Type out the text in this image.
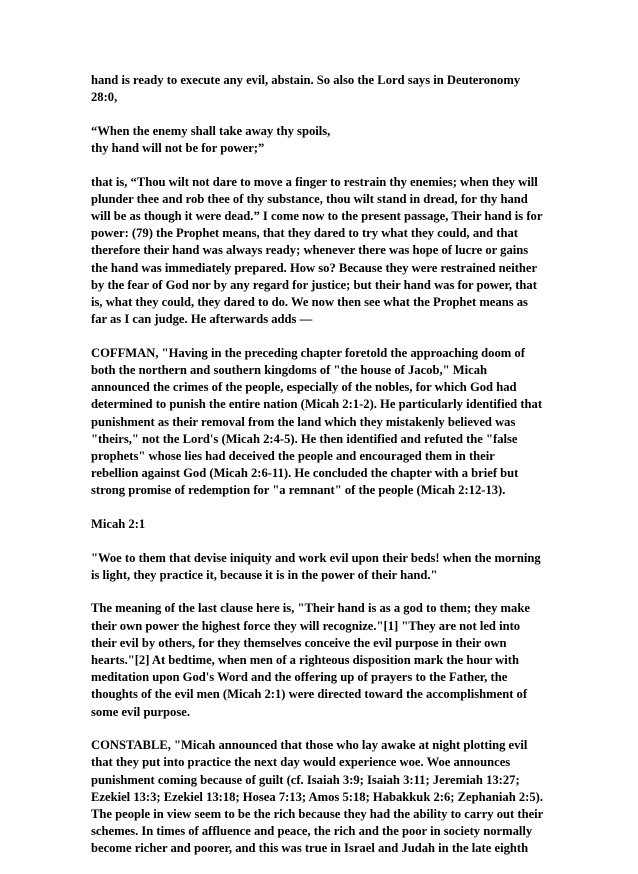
hand is ready to execute any evil, abstain. So also the Lord says in Deuteronomy
28:0,

“When the enemy shall take away thy spoils,
thy hand will not be for power;”

that is, “Thou wilt not dare to move a finger to restrain thy enemies; when they will
plunder thee and rob thee of thy substance, thou wilt stand in dread, for thy hand
will be as though it were dead.” I come now to the present passage, Their hand is for
power: (79) the Prophet means, that they dared to try what they could, and that
therefore their hand was always ready; whenever there was hope of lucre or gains
the hand was immediately prepared. How so? Because they were restrained neither
by the fear of God nor by any regard for justice; but their hand was for power, that
is, what they could, they dared to do. We now then see what the Prophet means as
far as I can judge. He afterwards adds —

COFFMAN, "Having in the preceding chapter foretold the approaching doom of
both the northern and southern kingdoms of "the house of Jacob," Micah
announced the crimes of the people, especially of the nobles, for which God had
determined to punish the entire nation (Micah 2:1-2). He particularly identified that
punishment as their removal from the land which they mistakenly believed was
"theirs," not the Lord's (Micah 2:4-5). He then identified and refuted the "false
prophets" whose lies had deceived the people and encouraged them in their
rebellion against God (Micah 2:6-11). He concluded the chapter with a brief but
strong promise of redemption for "a remnant" of the people (Micah 2:12-13).

Micah 2:1

"Woe to them that devise iniquity and work evil upon their beds! when the morning
is light, they practice it, because it is in the power of their hand."

The meaning of the last clause here is, "Their hand is as a god to them; they make
their own power the highest force they will recognize."[1] "They are not led into
their evil by others, for they themselves conceive the evil purpose in their own
hearts."[2] At bedtime, when men of a righteous disposition mark the hour with
meditation upon God's Word and the offering up of prayers to the Father, the
thoughts of the evil men (Micah 2:1) were directed toward the accomplishment of
some evil purpose.

CONSTABLE, "Micah announced that those who lay awake at night plotting evil
that they put into practice the next day would experience woe. Woe announces
punishment coming because of guilt (cf. Isaiah 3:9; Isaiah 3:11; Jeremiah 13:27;
Ezekiel 13:3; Ezekiel 13:18; Hosea 7:13; Amos 5:18; Habakkuk 2:6; Zephaniah 2:5).
The people in view seem to be the rich because they had the ability to carry out their
schemes. In times of affluence and peace, the rich and the poor in society normally
become richer and poorer, and this was true in Israel and Judah in the late eighth
